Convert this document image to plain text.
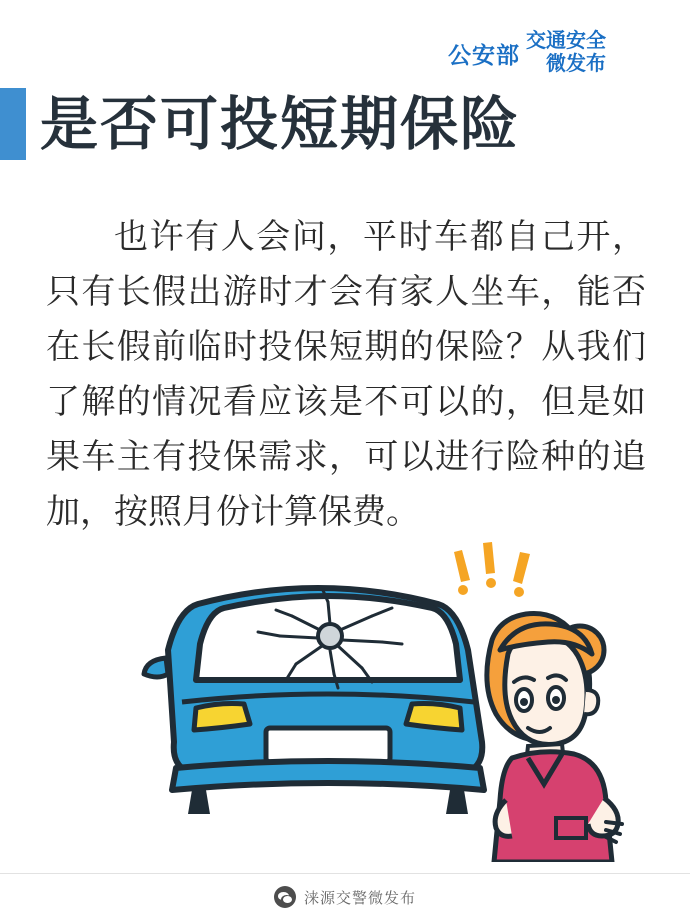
公安部
交通安全
微发布
是否可投短期保险
也许有人会问，平时车都自己开，只有长假出游时才会有家人坐车，能否在长假前临时投保短期的保险？从我们了解的情况看应该是不可以的，但是如果车主有投保需求，可以进行险种的追加，按照月份计算保费。
涞源交警微发布
